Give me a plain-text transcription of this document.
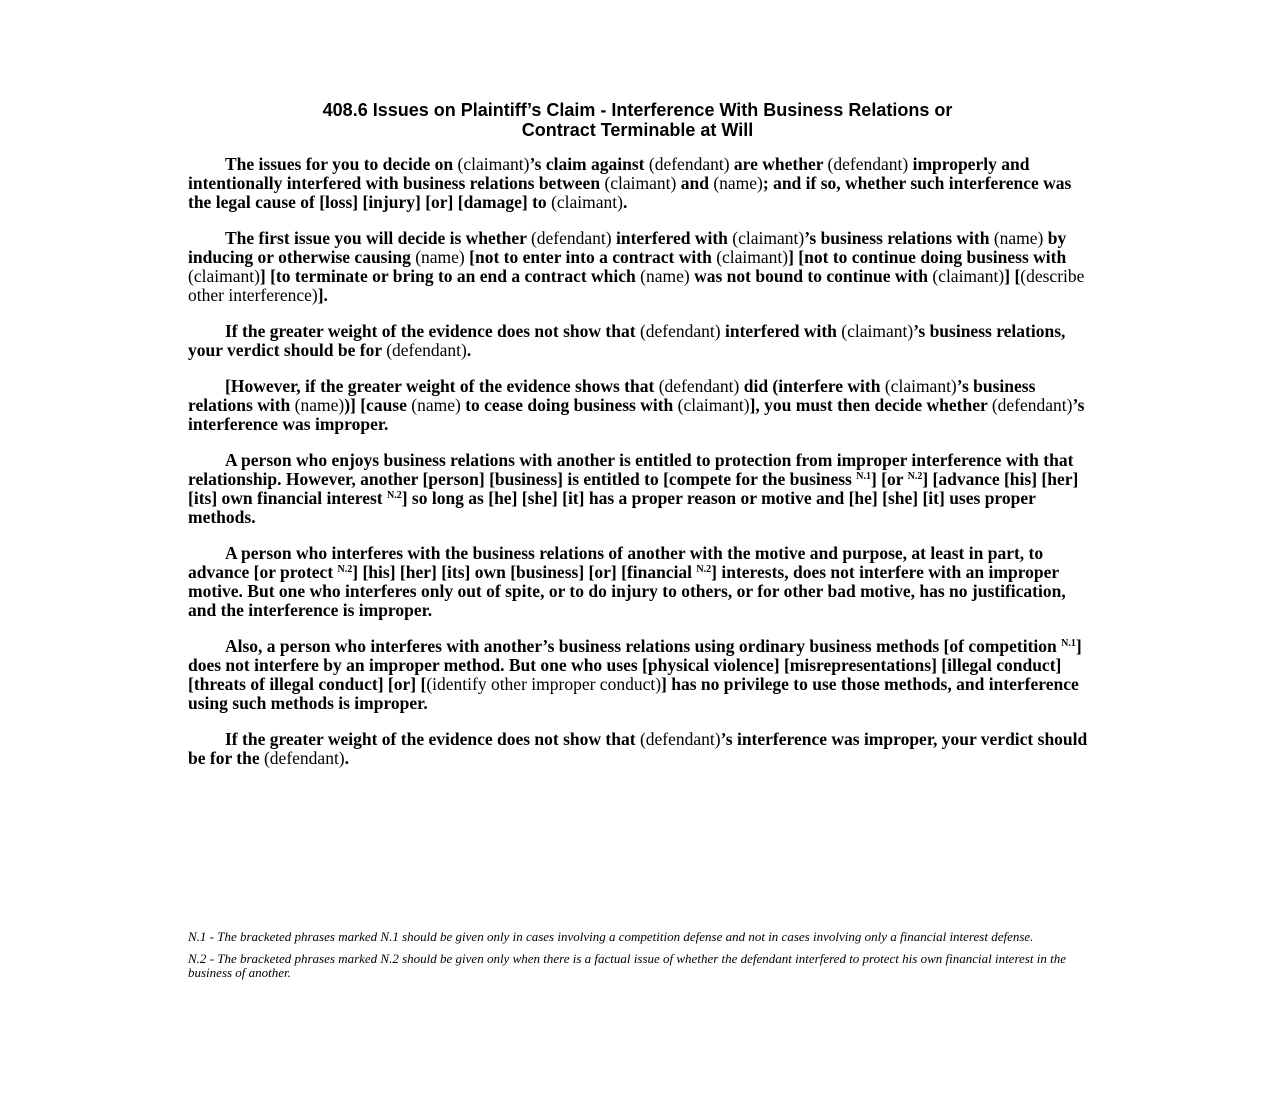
408.6 Issues on Plaintiff’s Claim - Interference With Business Relations or
Contract Terminable at Will

The issues for you to decide on (claimant)’s claim against (defendant) are whether (defendant) improperly and intentionally interfered with business relations between (claimant) and (name); and if so, whether such interference was the legal cause of [loss] [injury] [or] [damage] to (claimant).

The first issue you will decide is whether (defendant) interfered with (claimant)’s business relations with (name) by inducing or otherwise causing (name) [not to enter into a contract with (claimant)] [not to continue doing business with (claimant)] [to terminate or bring to an end a contract which (name) was not bound to continue with (claimant)] [(describe other interference)].

If the greater weight of the evidence does not show that (defendant) interfered with (claimant)’s business relations, your verdict should be for (defendant).

[However, if the greater weight of the evidence shows that (defendant) did (interfere with (claimant)’s business relations with (name))] [cause (name) to cease doing business with (claimant)], you must then decide whether (defendant)’s interference was improper.

A person who enjoys business relations with another is entitled to protection from improper interference with that relationship. However, another [person] [business] is entitled to [compete for the business $^{N.1}$] [or $^{N.2}$] [advance [his] [her] [its] own financial interest $^{N.2}$] so long as [he] [she] [it] has a proper reason or motive and [he] [she] [it] uses proper methods.

A person who interferes with the business relations of another with the motive and purpose, at least in part, to advance [or protect $^{N.2}$] [his] [her] [its] own [business] [or] [financial $^{N.2}$] interests, does not interfere with an improper motive. But one who interferes only out of spite, or to do injury to others, or for other bad motive, has no justification, and the interference is improper.

Also, a person who interferes with another’s business relations using ordinary business methods [of competition $^{N.1}$] does not interfere by an improper method. But one who uses [physical violence] [misrepresentations] [illegal conduct] [threats of illegal conduct] [or] [(identify other improper conduct)] has no privilege to use those methods, and interference using such methods is improper.

If the greater weight of the evidence does not show that (defendant)’s interference was improper, your verdict should be for the (defendant).

N.1 - The bracketed phrases marked N.1 should be given only in cases involving a competition defense and not in cases involving only a financial interest defense.

N.2 - The bracketed phrases marked N.2 should be given only when there is a factual issue of whether the defendant interfered to protect his own financial interest in the business of another.
